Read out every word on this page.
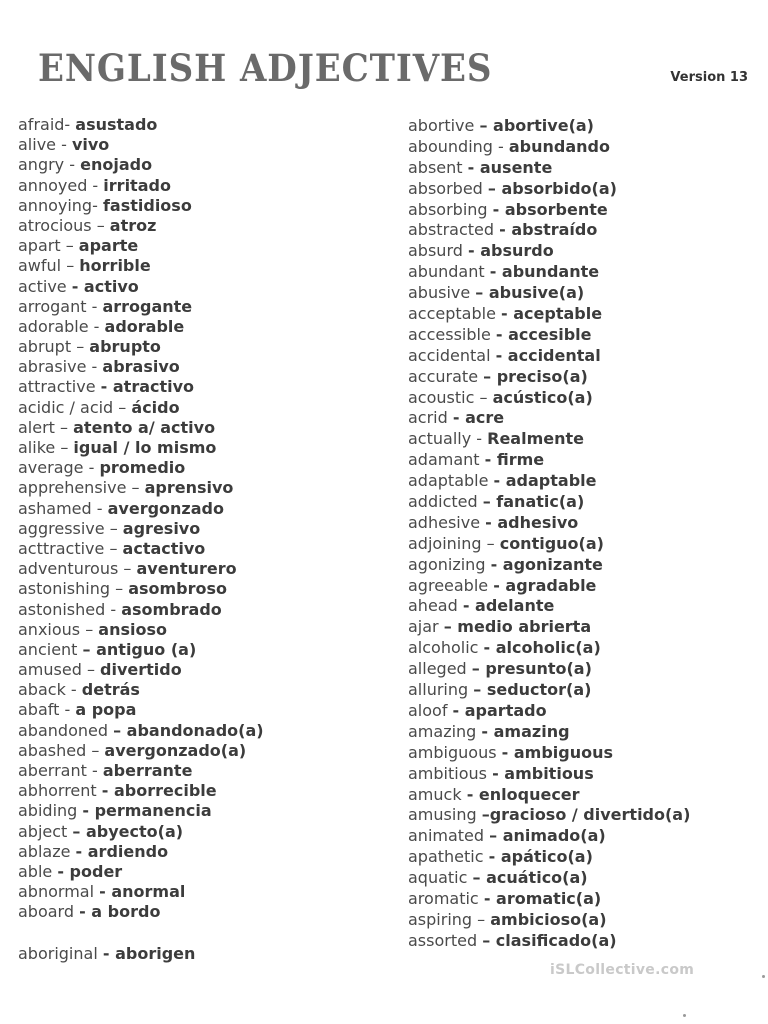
ENGLISH ADJECTIVES	Version 13
afraid- asustado
alive - vivo
angry - enojado
annoyed - irritado
annoying- fastidioso
atrocious – atroz
apart – aparte
awful – horrible
active - activo
arrogant - arrogante
adorable - adorable
abrupt – abrupto
abrasive - abrasivo
attractive - atractivo
acidic / acid – ácido
alert – atento a/ activo
alike – igual / lo mismo
average - promedio
apprehensive – aprensivo
ashamed - avergonzado
aggressive – agresivo
acttractive – actactivo
adventurous – aventurero
astonishing – asombroso
astonished - asombrado
anxious – ansioso
ancient – antiguo (a)
amused – divertido
aback - detrás
abaft - a popa
abandoned – abandonado(a)
abashed – avergonzado(a)
aberrant - aberrante
abhorrent - aborrecible
abiding - permanencia
abject – abyecto(a)
ablaze - ardiendo
able - poder
abnormal - anormal
aboard - a bordo
aboriginal - aborigen
abortive – abortive(a)
abounding - abundando
absent - ausente
absorbed – absorbido(a)
absorbing - absorbente
abstracted - abstraído
absurd - absurdo
abundant - abundante
abusive – abusive(a)
acceptable - aceptable
accessible - accesible
accidental - accidental
accurate – preciso(a)
acoustic – acústico(a)
acrid - acre
actually - Realmente
adamant - firme
adaptable - adaptable
addicted – fanatic(a)
adhesive - adhesivo
adjoining – contiguo(a)
agonizing - agonizante
agreeable - agradable
ahead - adelante
ajar – medio abrierta
alcoholic - alcoholic(a)
alleged – presunto(a)
alluring – seductor(a)
aloof - apartado
amazing - amazing
ambiguous - ambiguous
ambitious - ambitious
amuck - enloquecer
amusing –gracioso / divertido(a)
animated – animado(a)
apathetic - apático(a)
aquatic – acuático(a)
aromatic - aromatic(a)
aspiring – ambicioso(a)
assorted – clasificado(a)
iSLCollective.com
